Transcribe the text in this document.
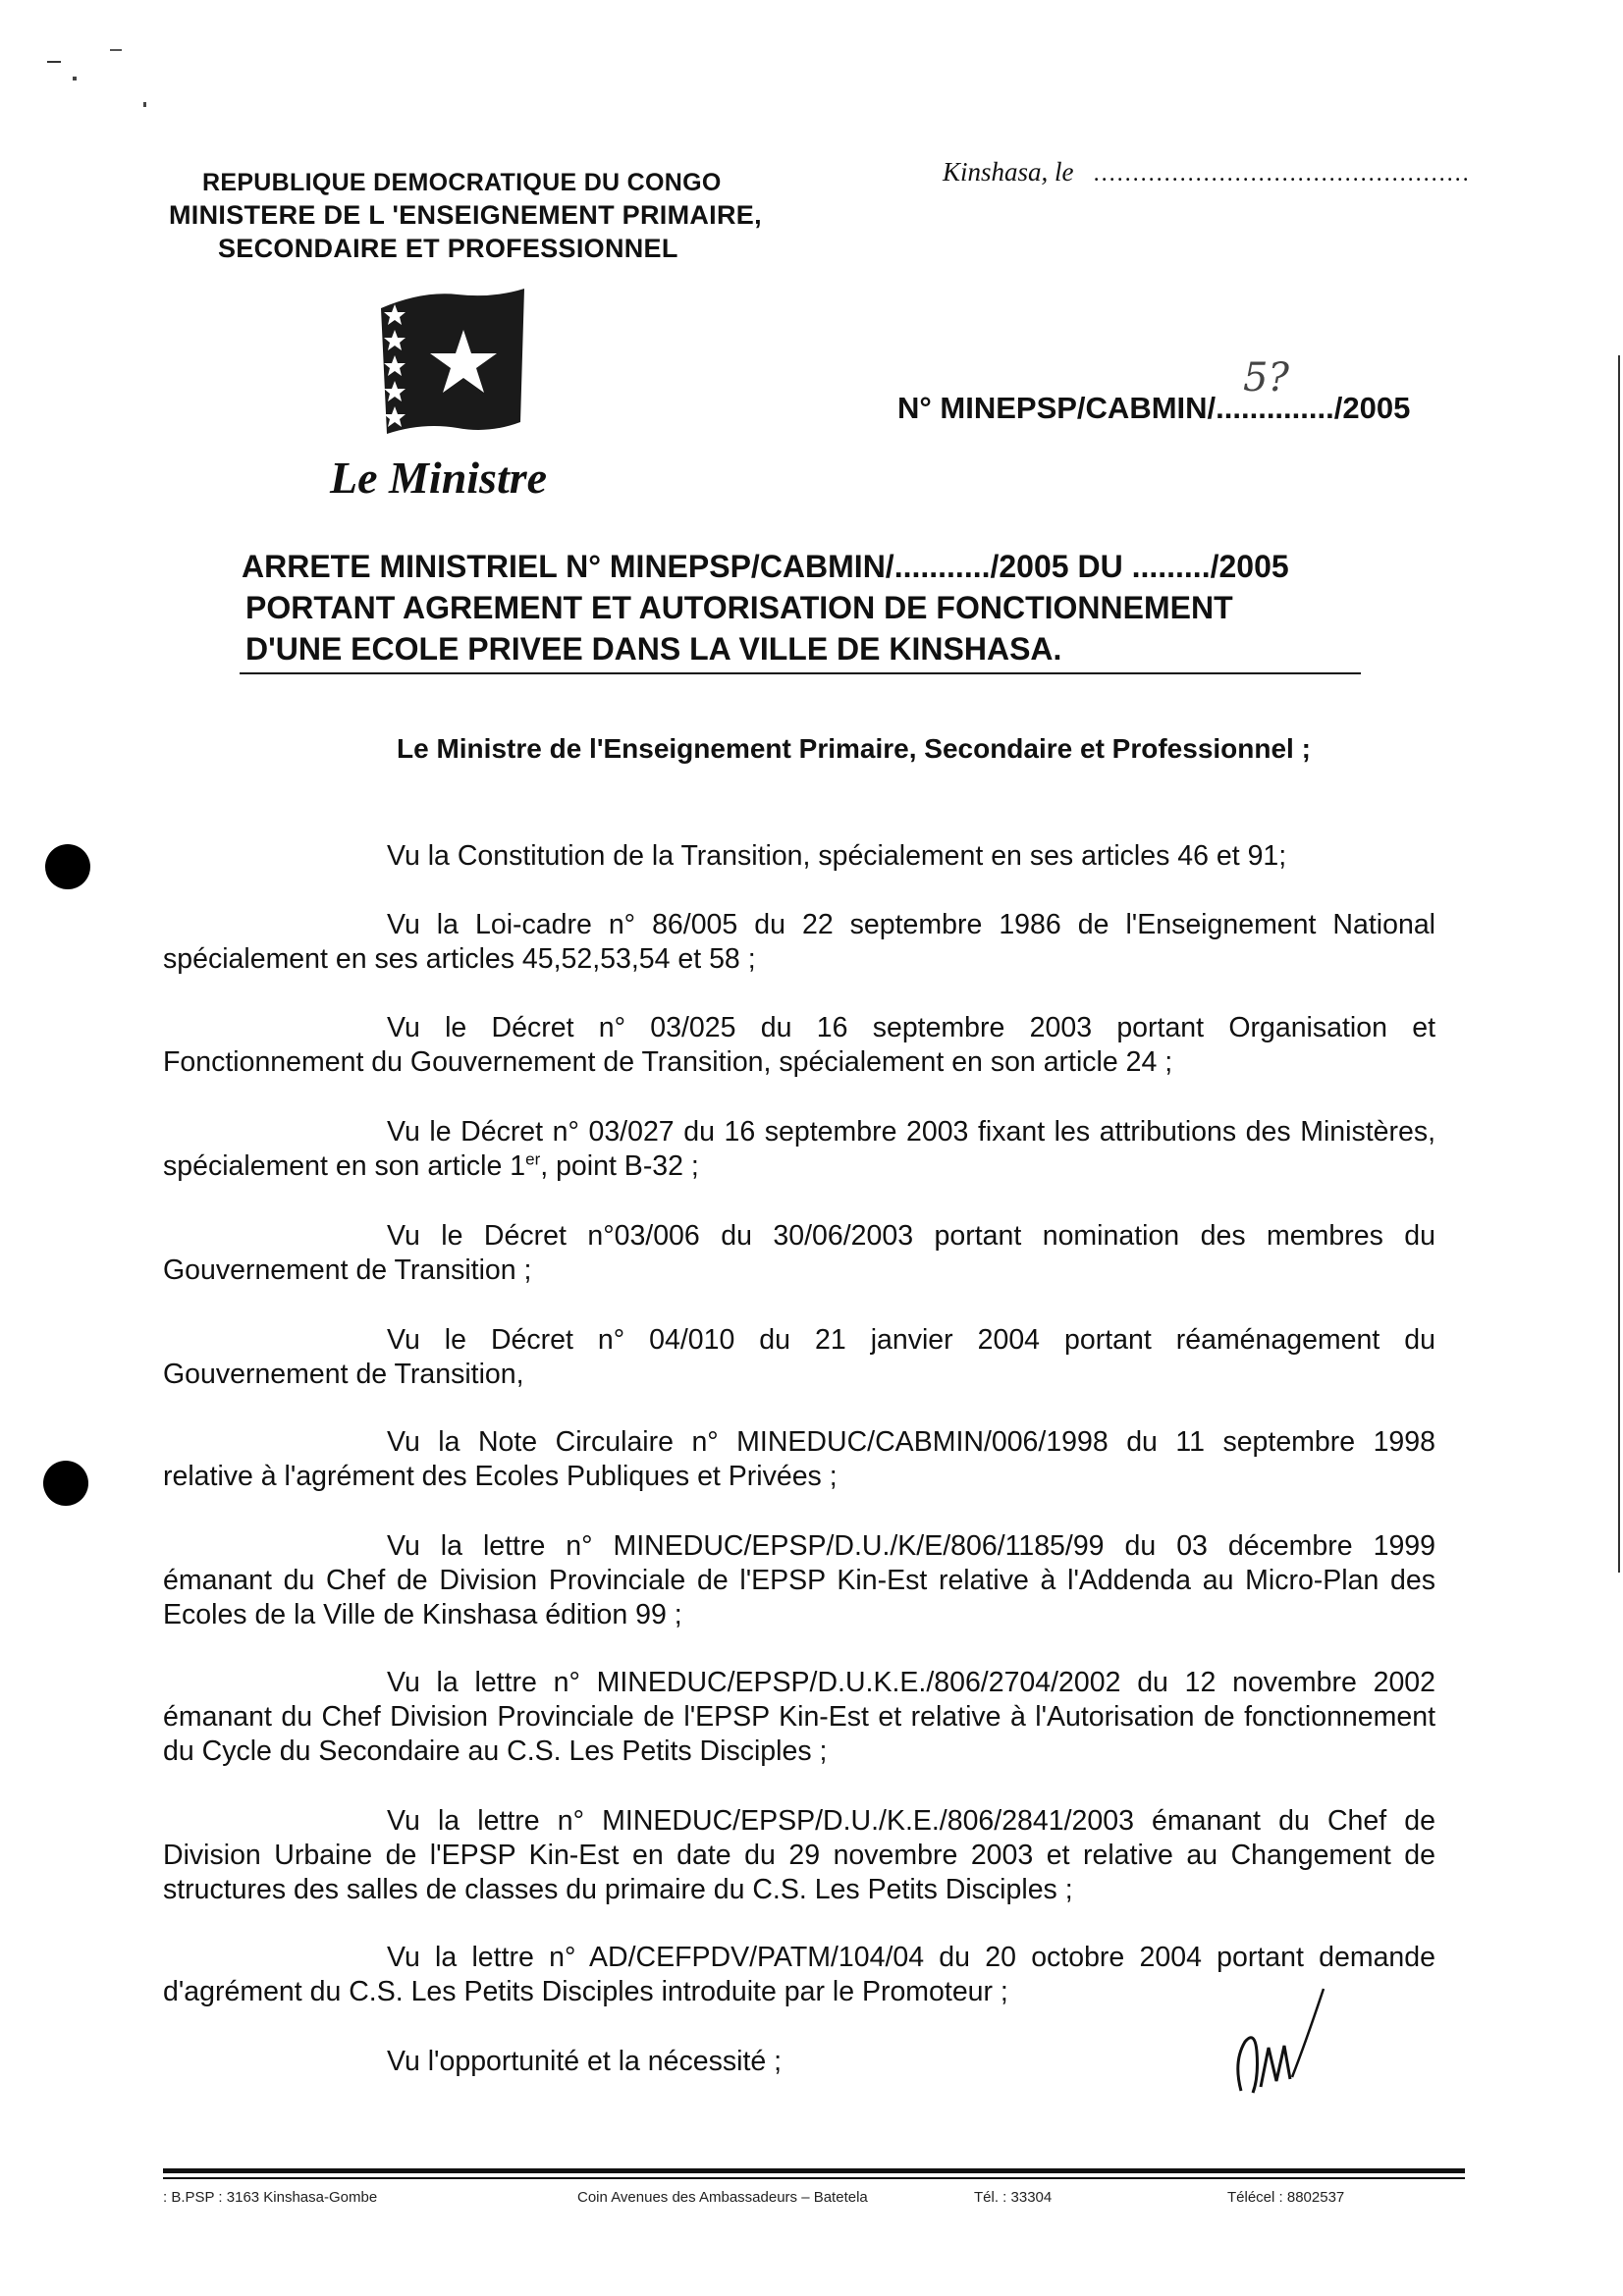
REPUBLIQUE DEMOCRATIQUE DU CONGO
MINISTERE DE L 'ENSEIGNEMENT PRIMAIRE,
SECONDAIRE ET PROFESSIONNEL
Kinshasa, le ................................................
Le Ministre
N° MINEPSP/CABMIN/............../2005
5?
ARRETE MINISTRIEL N° MINEPSP/CABMIN/.........../2005 DU ........./2005
PORTANT AGREMENT ET AUTORISATION DE FONCTIONNEMENT
D'UNE ECOLE PRIVEE DANS LA VILLE DE KINSHASA.
Le Ministre de l'Enseignement Primaire, Secondaire et Professionnel ;
Vu la Constitution de la Transition, spécialement en ses articles 46 et 91;
Vu la Loi-cadre n° 86/005 du 22 septembre 1986 de l'Enseignement National spécialement en ses articles 45,52,53,54 et 58 ;
Vu le Décret n° 03/025 du 16 septembre 2003 portant Organisation et Fonctionnement du Gouvernement de Transition, spécialement en son article 24 ;
Vu le Décret n° 03/027 du 16 septembre 2003 fixant les attributions des Ministères, spécialement en son article 1er, point B-32 ;
Vu le Décret n°03/006 du 30/06/2003 portant nomination des membres du Gouvernement de Transition ;
Vu le Décret n° 04/010 du 21 janvier 2004 portant réaménagement du Gouvernement de Transition,
Vu la Note Circulaire n° MINEDUC/CABMIN/006/1998 du 11 septembre 1998 relative à l'agrément des Ecoles Publiques et Privées ;
Vu la lettre n° MINEDUC/EPSP/D.U./K/E/806/1185/99 du 03 décembre 1999 émanant du Chef de Division Provinciale de l'EPSP Kin-Est relative à l'Addenda au Micro-Plan des Ecoles de la Ville de Kinshasa édition 99 ;
Vu la lettre n° MINEDUC/EPSP/D.U.K.E./806/2704/2002 du 12 novembre 2002 émanant du Chef Division Provinciale de l'EPSP Kin-Est et relative à l'Autorisation de fonctionnement du Cycle du Secondaire au C.S. Les Petits Disciples ;
Vu la lettre n° MINEDUC/EPSP/D.U./K.E./806/2841/2003 émanant du Chef de Division Urbaine de l'EPSP Kin-Est en date du 29 novembre 2003 et relative au Changement de structures des salles de classes du primaire du C.S. Les Petits Disciples ;
Vu la lettre n° AD/CEFPDV/PATM/104/04 du 20 octobre 2004 portant demande d'agrément du C.S. Les Petits Disciples introduite par le Promoteur ;
Vu l'opportunité et la nécessité ;
: B.PSP : 3163 Kinshasa-Gombe	Coin Avenues des Ambassadeurs – Batetela	Tél. : 33304	Télécel : 8802537
